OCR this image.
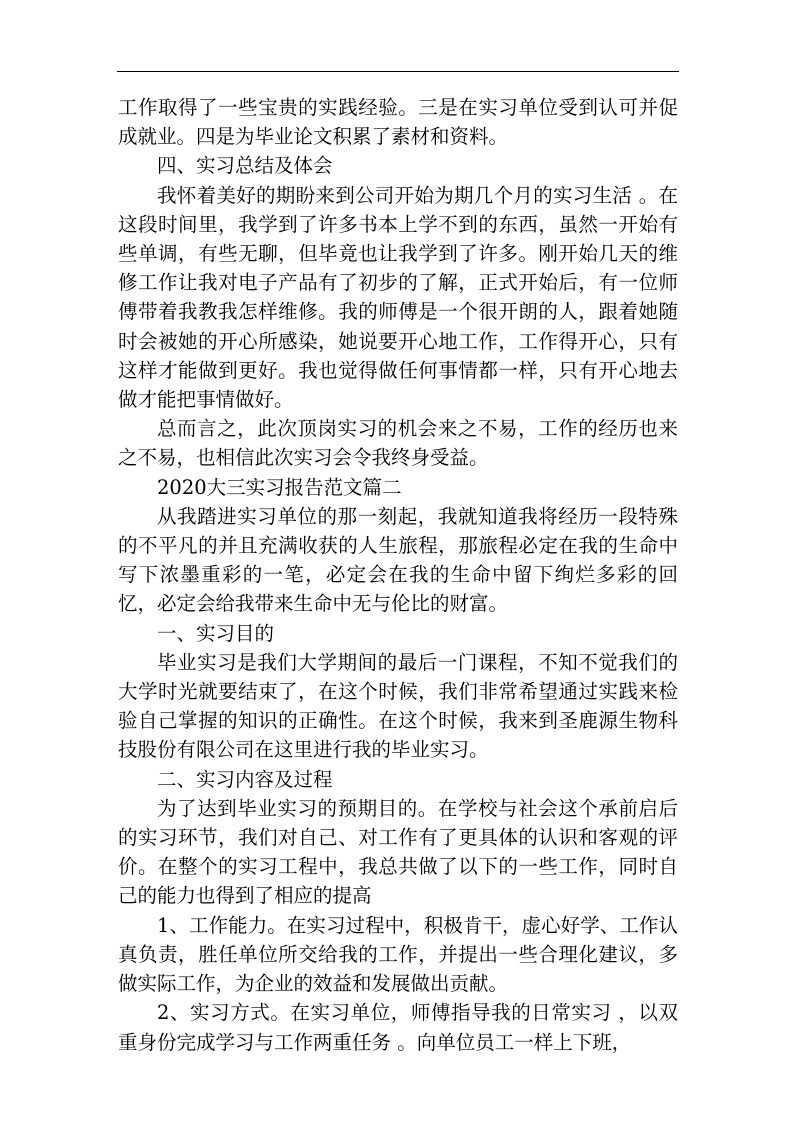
工作取得了一些宝贵的实践经验。三是在实习单位受到认可并促成就业。四是为毕业论文积累了素材和资料。

四、实习总结及体会

我怀着美好的期盼来到公司开始为期几个月的实习生活 。在这段时间里，我学到了许多书本上学不到的东西，虽然一开始有些单调，有些无聊，但毕竟也让我学到了许多。刚开始几天的维修工作让我对电子产品有了初步的了解，正式开始后，有一位师傅带着我教我怎样维修。我的师傅是一个很开朗的人，跟着她随时会被她的开心所感染，她说要开心地工作，工作得开心，只有这样才能做到更好。我也觉得做任何事情都一样，只有开心地去做才能把事情做好。

总而言之，此次顶岗实习的机会来之不易，工作的经历也来之不易，也相信此次实习会令我终身受益。

2020大三实习报告范文篇二

从我踏进实习单位的那一刻起，我就知道我将经历一段特殊的不平凡的并且充满收获的人生旅程，那旅程必定在我的生命中写下浓墨重彩的一笔，必定会在我的生命中留下绚烂多彩的回忆，必定会给我带来生命中无与伦比的财富。

一、实习目的

毕业实习是我们大学期间的最后一门课程，不知不觉我们的大学时光就要结束了，在这个时候，我们非常希望通过实践来检验自己掌握的知识的正确性。在这个时候，我来到圣鹿源生物科技股份有限公司在这里进行我的毕业实习。

二、实习内容及过程

为了达到毕业实习的预期目的。在学校与社会这个承前启后的实习环节，我们对自己、对工作有了更具体的认识和客观的评价。在整个的实习工程中，我总共做了以下的一些工作，同时自己的能力也得到了相应的提高

1、工作能力。在实习过程中，积极肯干，虚心好学、工作认真负责，胜任单位所交给我的工作，并提出一些合理化建议，多做实际工作，为企业的效益和发展做出贡献。

2、实习方式。在实习单位，师傅指导我的日常实习 ，以双重身份完成学习与工作两重任务 。向单位员工一样上下班，
